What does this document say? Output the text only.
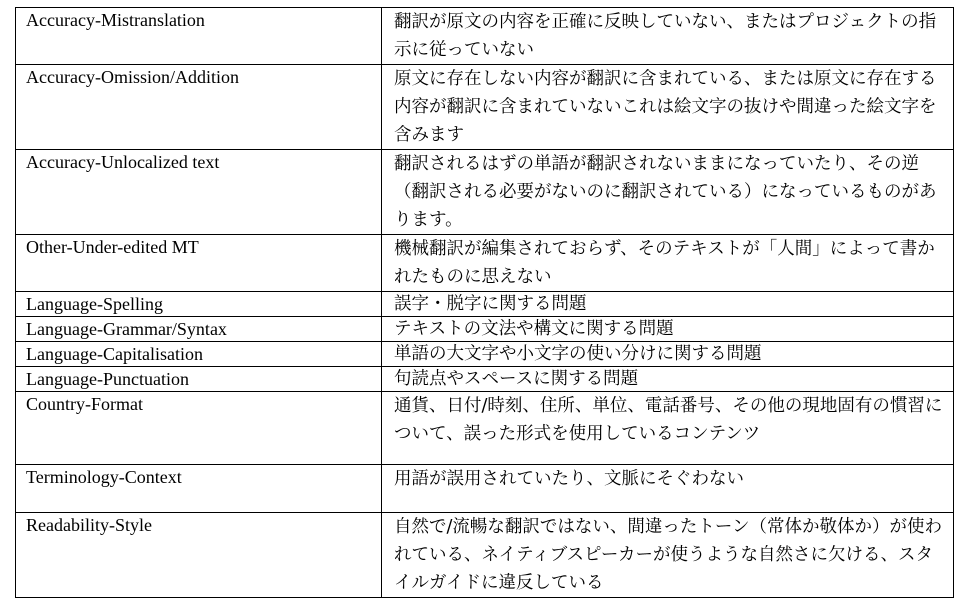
Accuracy-Mistranslation	翻訳が原文の内容を正確に反映していない、またはプロジェクトの指示に従っていない
Accuracy-Omission/Addition	原文に存在しない内容が翻訳に含まれている、または原文に存在する内容が翻訳に含まれていないこれは絵文字の抜けや間違った絵文字を含みます
Accuracy-Unlocalized text	翻訳されるはずの単語が翻訳されないままになっていたり、その逆（翻訳される必要がないのに翻訳されている）になっているものがあります。
Other-Under-edited MT	機械翻訳が編集されておらず、そのテキストが「人間」によって書かれたものに思えない
Language-Spelling	誤字・脱字に関する問題
Language-Grammar/Syntax	テキストの文法や構文に関する問題
Language-Capitalisation	単語の大文字や小文字の使い分けに関する問題
Language-Punctuation	句読点やスペースに関する問題
Country-Format	通貨、日付/時刻、住所、単位、電話番号、その他の現地固有の慣習について、誤った形式を使用しているコンテンツ
Terminology-Context	用語が誤用されていたり、文脈にそぐわない
Readability-Style	自然で/流暢な翻訳ではない、間違ったトーン（常体か敬体か）が使われている、ネイティブスピーカーが使うような自然さに欠ける、スタイルガイドに違反している
